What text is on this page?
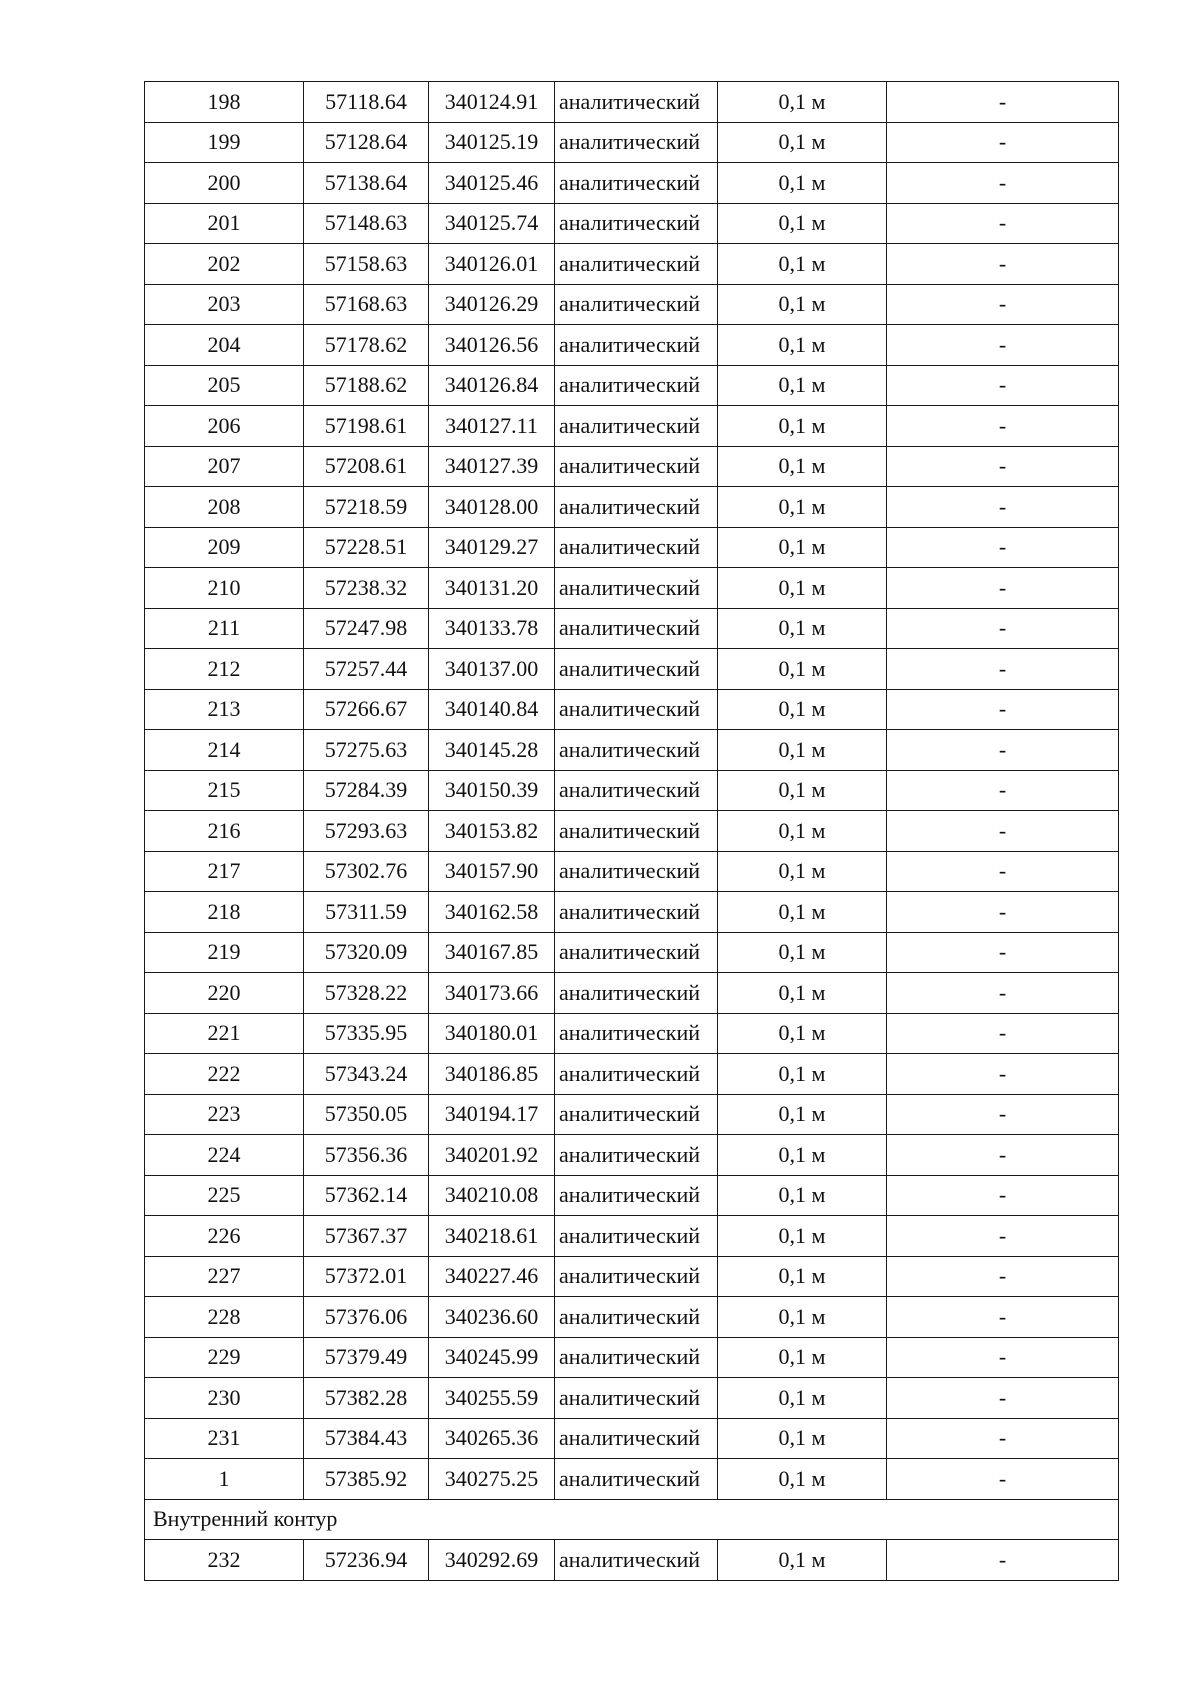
198	57118.64	340124.91	аналитический	0,1 м	-
199	57128.64	340125.19	аналитический	0,1 м	-
200	57138.64	340125.46	аналитический	0,1 м	-
201	57148.63	340125.74	аналитический	0,1 м	-
202	57158.63	340126.01	аналитический	0,1 м	-
203	57168.63	340126.29	аналитический	0,1 м	-
204	57178.62	340126.56	аналитический	0,1 м	-
205	57188.62	340126.84	аналитический	0,1 м	-
206	57198.61	340127.11	аналитический	0,1 м	-
207	57208.61	340127.39	аналитический	0,1 м	-
208	57218.59	340128.00	аналитический	0,1 м	-
209	57228.51	340129.27	аналитический	0,1 м	-
210	57238.32	340131.20	аналитический	0,1 м	-
211	57247.98	340133.78	аналитический	0,1 м	-
212	57257.44	340137.00	аналитический	0,1 м	-
213	57266.67	340140.84	аналитический	0,1 м	-
214	57275.63	340145.28	аналитический	0,1 м	-
215	57284.39	340150.39	аналитический	0,1 м	-
216	57293.63	340153.82	аналитический	0,1 м	-
217	57302.76	340157.90	аналитический	0,1 м	-
218	57311.59	340162.58	аналитический	0,1 м	-
219	57320.09	340167.85	аналитический	0,1 м	-
220	57328.22	340173.66	аналитический	0,1 м	-
221	57335.95	340180.01	аналитический	0,1 м	-
222	57343.24	340186.85	аналитический	0,1 м	-
223	57350.05	340194.17	аналитический	0,1 м	-
224	57356.36	340201.92	аналитический	0,1 м	-
225	57362.14	340210.08	аналитический	0,1 м	-
226	57367.37	340218.61	аналитический	0,1 м	-
227	57372.01	340227.46	аналитический	0,1 м	-
228	57376.06	340236.60	аналитический	0,1 м	-
229	57379.49	340245.99	аналитический	0,1 м	-
230	57382.28	340255.59	аналитический	0,1 м	-
231	57384.43	340265.36	аналитический	0,1 м	-
1	57385.92	340275.25	аналитический	0,1 м	-
Внутренний контур					
232	57236.94	340292.69	аналитический	0,1 м	-
